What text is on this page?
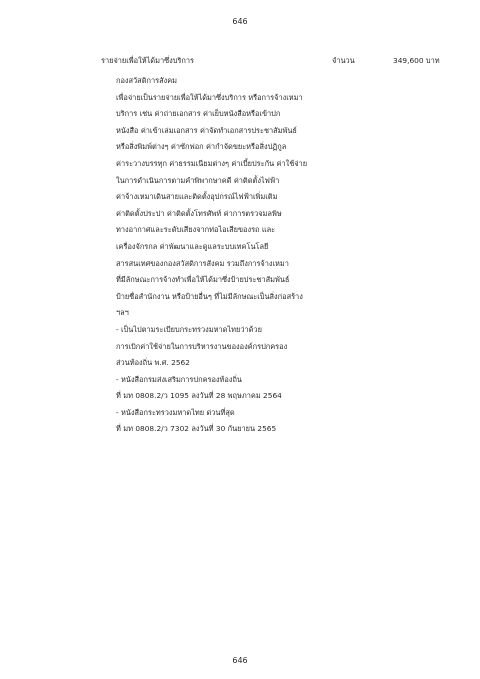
646
รายจ่ายเพื่อให้ได้มาซึ่งบริการ	จำนวน	349,600 บาท
กองสวัสดิการสังคม
เพื่อจ่ายเป็นรายจ่ายเพื่อให้ได้มาซึ่งบริการ หรือการจ้างเหมา
บริการ เช่น ค่าถ่ายเอกสาร ค่าเย็บหนังสือหรือเข้าปก
หนังสือ ค่าเข้าเล่มเอกสาร ค่าจัดทำเอกสารประชาสัมพันธ์
หรือสิ่งพิมพ์ต่างๆ ค่าซักฟอก ค่ากำจัดขยะหรือสิ่งปฏิกูล
ค่าระวางบรรทุก ค่าธรรมเนียมต่างๆ ค่าเบี้ยประกัน ค่าใช้จ่าย
ในการดำเนินการตามคำพิพากษาคดี ค่าติดตั้งไฟฟ้า
ค่าจ้างเหมาเดินสายและติดตั้งอุปกรณ์ไฟฟ้าเพิ่มเติม
ค่าติดตั้งประปา ค่าติดตั้งโทรศัพท์ ค่าการตรวจมลพิษ
ทางอากาศและระดับเสียงจากท่อไอเสียของรถ และ
เครื่องจักรกล ค่าพัฒนาและดูแลระบบเทคโนโลยี
สารสนเทศของกองสวัสดิการสังคม รวมถึงการจ้างเหมา
ที่มีลักษณะการจ้างทำเพื่อให้ได้มาซึ่งป้ายประชาสัมพันธ์
ป้ายชื่อสำนักงาน หรือป้ายอื่นๆ ที่ไม่มีลักษณะเป็นสิ่งก่อสร้าง
ฯลฯ
- เป็นไปตามระเบียบกระทรวงมหาดไทยว่าด้วย
การเบิกค่าใช้จ่ายในการบริหารงานขององค์กรปกครอง
ส่วนท้องถิ่น พ.ศ. 2562
- หนังสือกรมส่งเสริมการปกครองท้องถิ่น
ที่ มท 0808.2/ว 1095 ลงวันที่ 28 พฤษภาคม 2564
- หนังสือกระทรวงมหาดไทย ด่วนที่สุด
ที่ มท 0808.2/ว 7302 ลงวันที่ 30 กันยายน 2565
646
